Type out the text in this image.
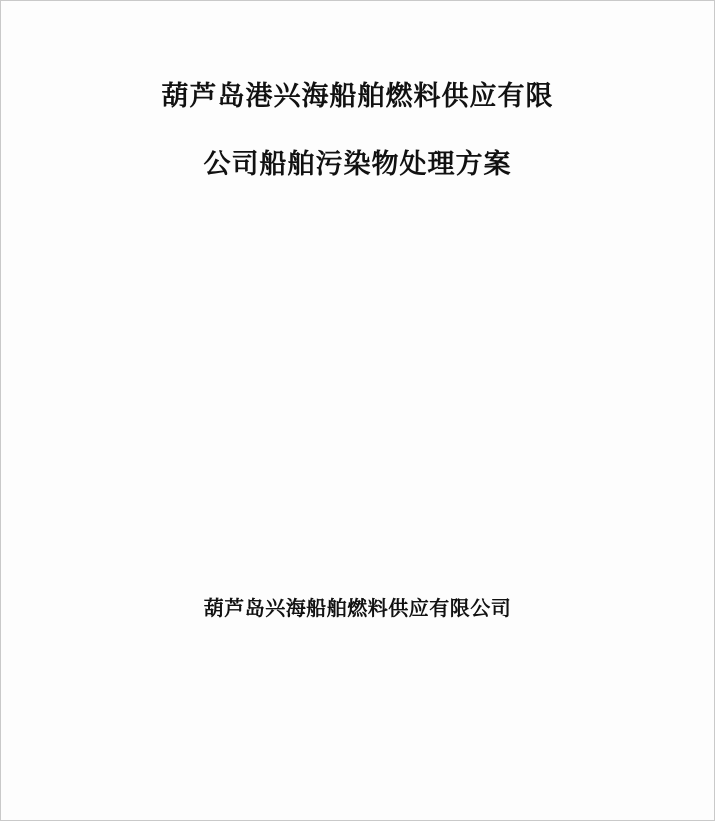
葫芦岛港兴海船舶燃料供应有限
公司船舶污染物处理方案
葫芦岛兴海船舶燃料供应有限公司
